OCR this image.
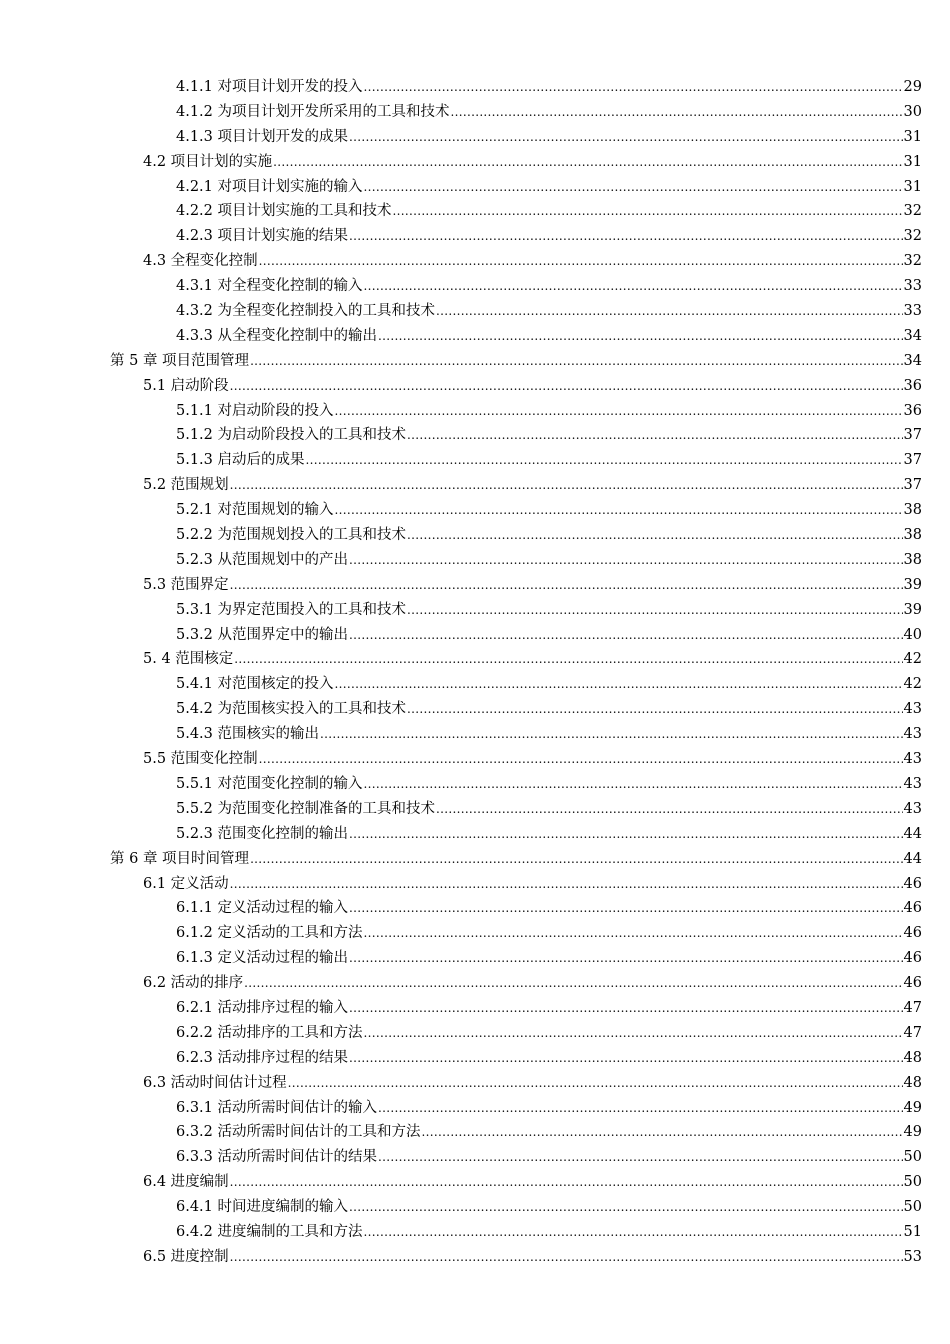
4.1.1 对项目计划开发的投入 .....	29
4.1.2 为项目计划开发所采用的工具和技术 .....	30
4.1.3 项目计划开发的成果 .....	31
4.2 项目计划的实施 .....	31
4.2.1 对项目计划实施的输入 .....	31
4.2.2 项目计划实施的工具和技术 .....	32
4.2.3 项目计划实施的结果 .....	32
4.3 全程变化控制 .....	32
4.3.1 对全程变化控制的输入 .....	33
4.3.2 为全程变化控制投入的工具和技术 .....	33
4.3.3 从全程变化控制中的输出 .....	34
第 5 章 项目范围管理 .....	34
5.1 启动阶段 .....	36
5.1.1 对启动阶段的投入 .....	36
5.1.2 为启动阶段投入的工具和技术 .....	37
5.1.3 启动后的成果 .....	37
5.2 范围规划 .....	37
5.2.1 对范围规划的输入 .....	38
5.2.2 为范围规划投入的工具和技术 .....	38
5.2.3 从范围规划中的产出 .....	38
5.3 范围界定 .....	39
5.3.1 为界定范围投入的工具和技术 .....	39
5.3.2 从范围界定中的输出 .....	40
5. 4 范围核定 .....	42
5.4.1 对范围核定的投入 .....	42
5.4.2 为范围核实投入的工具和技术 .....	43
5.4.3 范围核实的输出 .....	43
5.5 范围变化控制 .....	43
5.5.1 对范围变化控制的输入 .....	43
5.5.2 为范围变化控制准备的工具和技术 .....	43
5.2.3 范围变化控制的输出 .....	44
第 6 章 项目时间管理 .....	44
6.1 定义活动 .....	46
6.1.1 定义活动过程的输入 .....	46
6.1.2 定义活动的工具和方法 .....	46
6.1.3 定义活动过程的输出 .....	46
6.2 活动的排序 .....	46
6.2.1 活动排序过程的输入 .....	47
6.2.2 活动排序的工具和方法 .....	47
6.2.3 活动排序过程的结果 .....	48
6.3 活动时间估计过程 .....	48
6.3.1 活动所需时间估计的输入 .....	49
6.3.2 活动所需时间估计的工具和方法 .....	49
6.3.3 活动所需时间估计的结果 .....	50
6.4 进度编制 .....	50
6.4.1 时间进度编制的输入 .....	50
6.4.2 进度编制的工具和方法 .....	51
6.5 进度控制 .....	53
